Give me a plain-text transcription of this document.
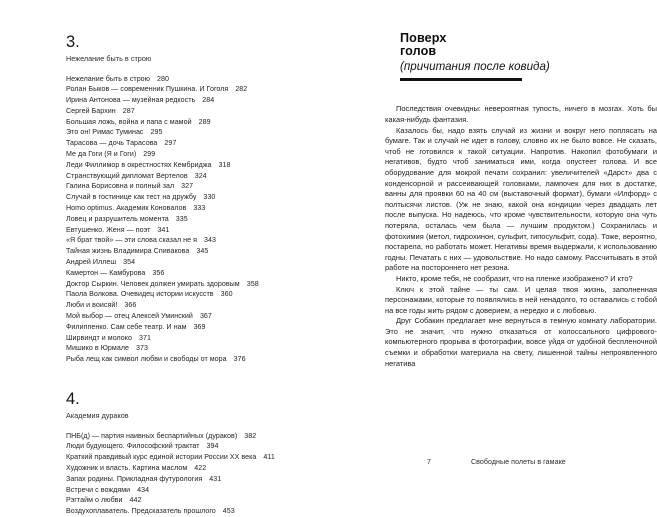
3.
Нежелание быть в строю
Нежелание быть в строю 280
Ролан Быков — современник Пушкина. И Гоголя 282
Ирина Антонова — музейная редкость 284
Сергей Бархин 287
Большая ложь, война и папа с мамой 289
Это он! Римас Туминас 295
Тарасова — дочь Тарасова 297
Ме да Гоги (Я и Гоги) 299
Леди Филлимор в окрестностях Кембриджа 318
Странствующий дипломат Вертелов 324
Галина Борисовна и полный зал 327
Случай в гостинице как тест на дружбу 330
Homo optimus. Академик Коновалов 333
Ловец и разрушитель момента 335
Евтушенко. Женя — поэт 341
«Я брат твой» — эти слова сказал не я 343
Тайная жизнь Владимира Спивакова 345
Андрей Иллеш 354
Камертон — Камбурова 356
Доктор Сыркин. Человек должен умирать здоровым 358
Паола Волкова. Очевидец истории искусств 360
Люби и воисяй! 366
Мой выбор — отец Алексей Уминский 367
Филиппенко. Сам себе театр. И нам 369
Ширвиндт и молоко 371
Мишико в Юрмале 373
Рыба лещ как символ любви и свободы от мора 376
4.
Академия дураков
ПНБ(д) — партия наивных беспартийных (дураков) 382
Люди будующего. Философский трактат 394
Краткий правдивый курс единой истории России XX века 411
Художник и власть. Картина маслом 422
Запах родины. Прикладная футурология 431
Встречи с вождями 434
Рэгтайм о любви 442
Воздухоплаватель. Предсказатель прошлого 453
Поверх
голов
(причитания после ковида)

Последствия очевидны: невероятная тупость, ничего в мозгах. Хоть бы какая-нибудь фантазия.

Казалось бы, надо взять случай из жизни и вокруг него поплясать на бумаге. Так и случай не идет в голову, словно их не было вовсе. Не сказать, чтоб не готовился к такой ситуации. Напротив. Накопил фотобумаги и негативов, будто чтоб заниматься ими, когда опустеет голова. И все оборудование для мокрой печати сохранил: увеличителей «Дарст» два с конденсорной и рассеивающей головками, лампочек для них в достатке, ванны для проявки 60 на 40 см (выставочный формат), бумаги «Илфорд» с полтысячи листов. (Уж не знаю, какой она кондиции через двадцать лет после выпуска. Но надеюсь, что кроме чувствительности, которую она чуть потеряла, осталась чем была — лучшим продуктом.) Сохранилась и фотохимия (метол, гидрохинон, сульфит, гипосульфит, сода). Тоже, вероятно, постарела, но работать может. Негативы время выдержали, к использованию годны. Печатать с них — удовольствие. Но надо самому. Рассчитывать в этой работе на постороннего нет резона.

Никто, кроме тебя, не сообразит, что на пленке изображено? И кто?

Ключ к этой тайне — ты сам. И целая твоя жизнь, заполненная персонажами, которые то появлялись в ней ненадолго, то оставались с тобой на все годы жить рядом с доверием, а нередко и с любовью.

Друг Собакин предлагает мне вернуться в темную комнату лаборатории. Это не значит, что нужно отказаться от колоссального цифрового-компьютерного прорыва в фотографии, вовсе уйдя от удобной беспленочной съемки и обработки материала на свету, лишенной тайны непроявленного негатива

7	Свободные полеты в гамаке
